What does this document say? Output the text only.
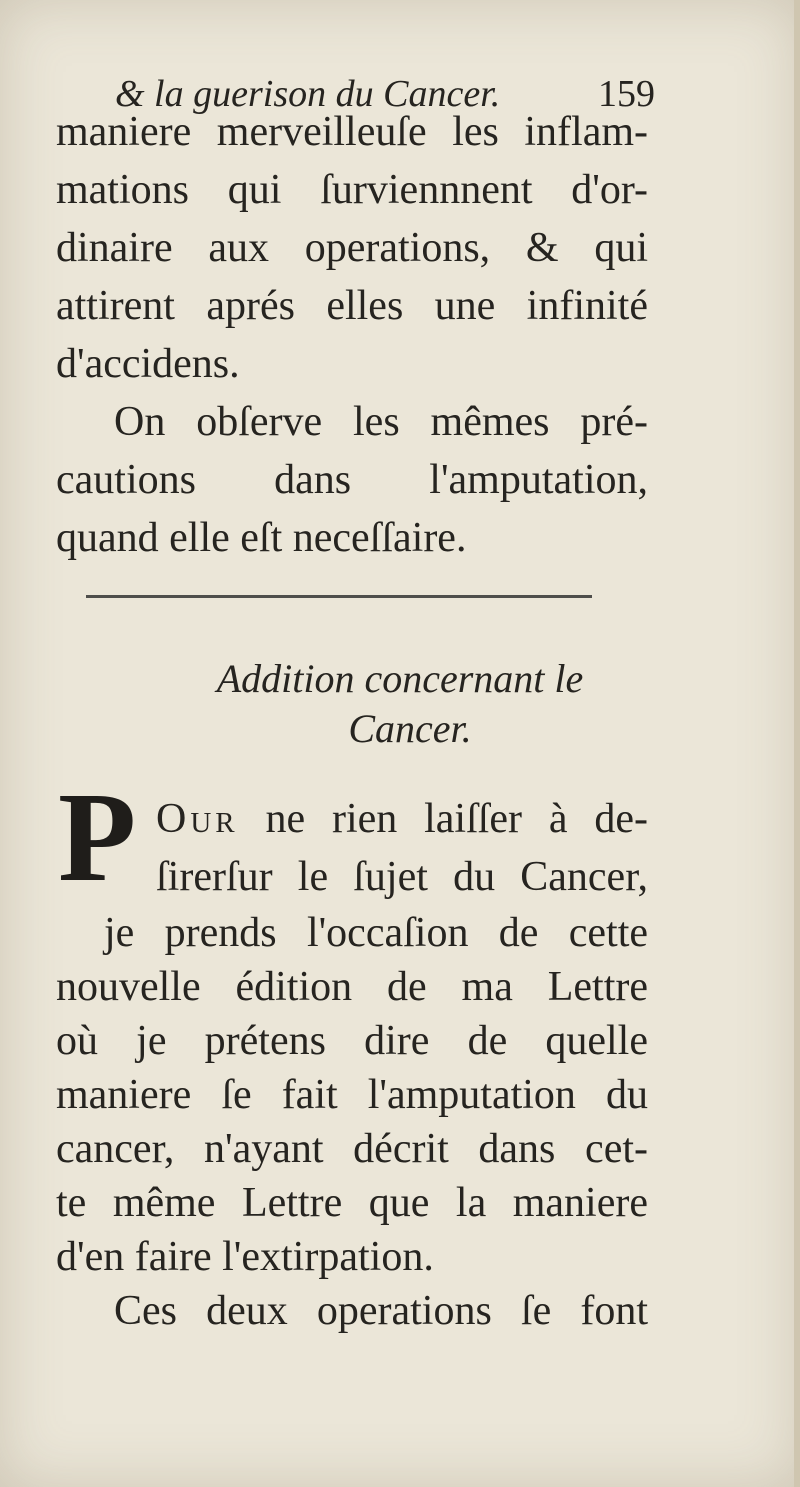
& la guerison du Cancer.	159
maniere merveilleuſe les inflam-
mations qui ſurviennnent d'or-
dinaire aux operations, & qui
attirent aprés elles une infinité
d'accidens.
On obſerve les mêmes pré-
cautions dans l'amputation,
quand elle eſt neceſſaire.
Addition concernant le
Cancer.
P Our ne rien laiſſer à de-
ſirerſur le ſujet du Cancer,
je prends l'occaſion de cette
nouvelle édition de ma Lettre
où je prétens dire de quelle
maniere ſe fait l'amputation du
cancer, n'ayant décrit dans cet-
te même Lettre que la maniere
d'en faire l'extirpation.
Ces deux operations ſe font
